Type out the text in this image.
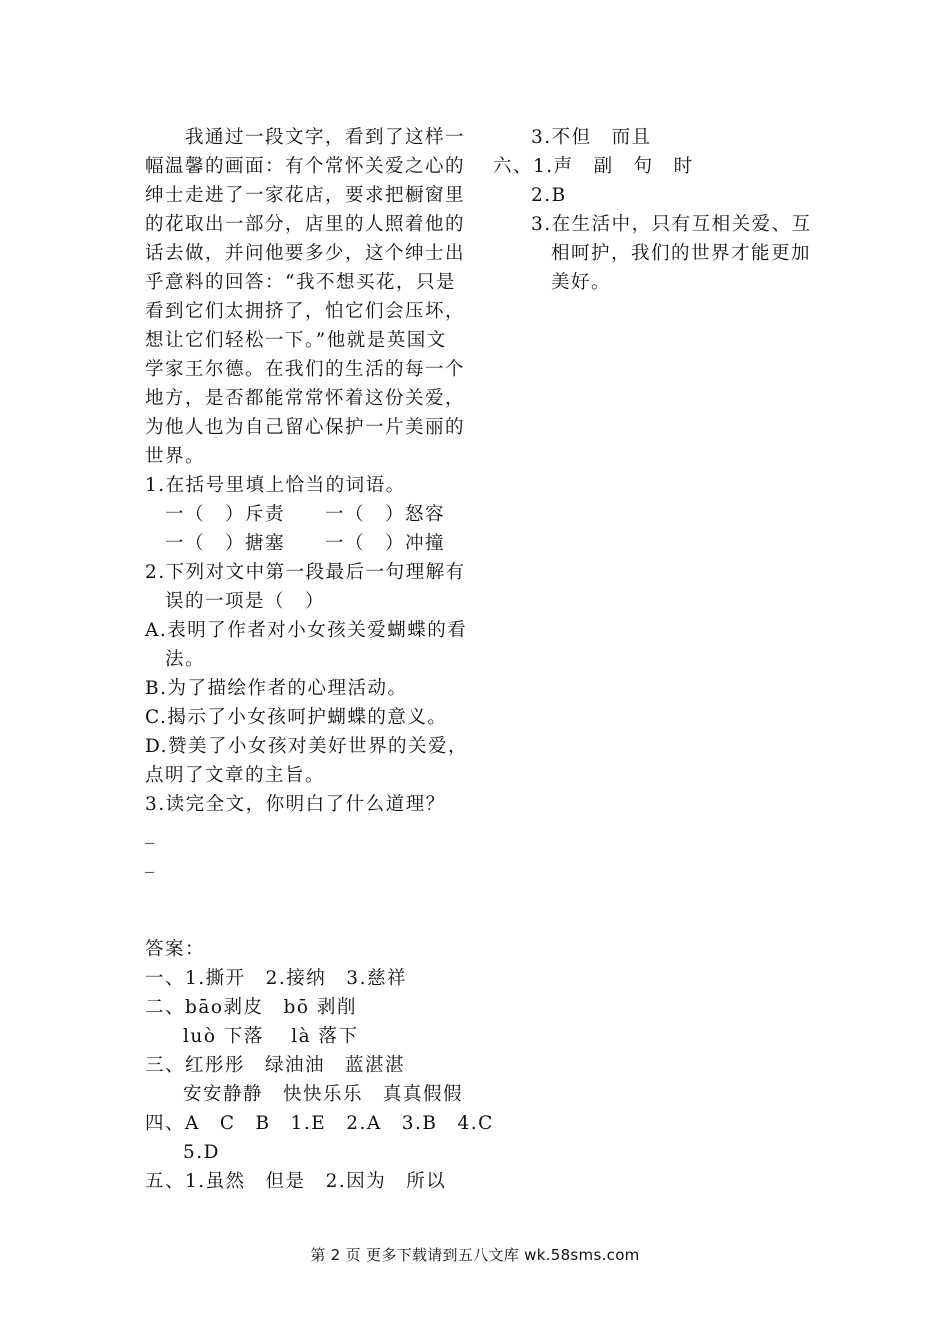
我通过一段文字，看到了这样一
幅温馨的画面：有个常怀关爱之心的
绅士走进了一家花店，要求把橱窗里
的花取出一部分，店里的人照着他的
话去做，并问他要多少，这个绅士出
乎意料的回答：“我不想买花，只是
看到它们太拥挤了，怕它们会压坏，
想让它们轻松一下。”他就是英国文
学家王尔德。在我们的生活的每一个
地方，是否都能常常怀着这份关爱，
为他人也为自己留心保护一片美丽的
世界。
1.在括号里填上恰当的词语。
一（　）斥责　　一（　）怒容
一（　）搪塞　　一（　）冲撞
2.下列对文中第一段最后一句理解有
误的一项是（　）
A.表明了作者对小女孩关爱蝴蝶的看
法。
B.为了描绘作者的心理活动。
C.揭示了小女孩呵护蝴蝶的意义。
D.赞美了小女孩对美好世界的关爱，
点明了文章的主旨。
3.读完全文，你明白了什么道理？
_
_
答案：
一、1.撕开　2.接纳　3.慈祥
二、bāo剥皮　bō 剥削
luò 下落　 là 落下
三、红彤彤　绿油油　蓝湛湛
安安静静　快快乐乐　真真假假
四、A　C　B　1.E　2.A　3.B　4.C
5.D
五、1.虽然　但是　2.因为　所以
3.不但　而且
六、1.声　副　句　时
2.B
3.在生活中，只有互相关爱、互
相呵护，我们的世界才能更加
美好。
第 2 页 更多下载请到五八文库 wk.58sms.com
